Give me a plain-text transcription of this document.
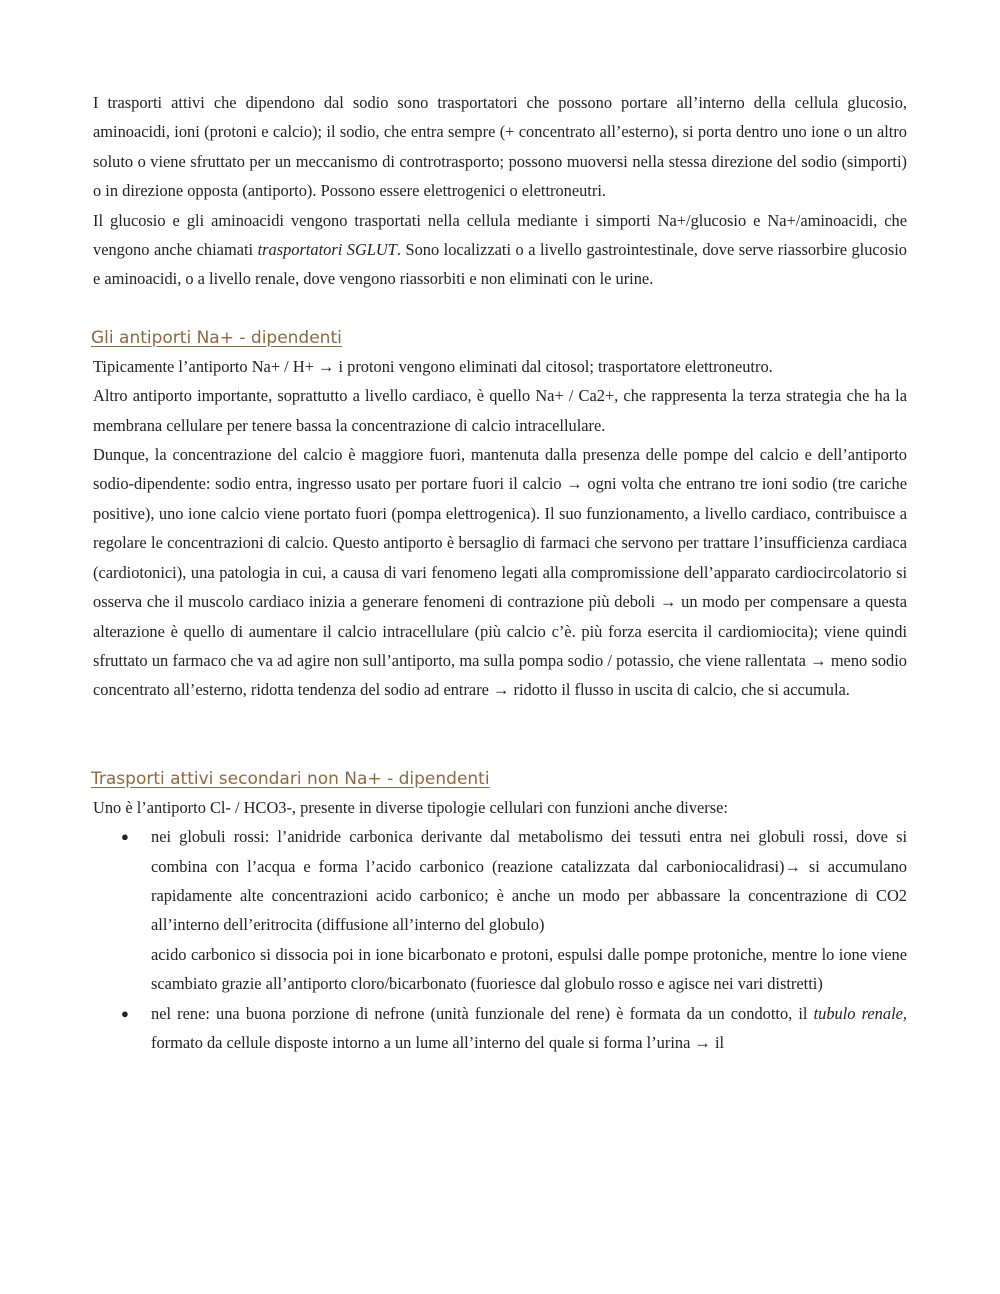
I trasporti attivi che dipendono dal sodio sono trasportatori che possono portare all’interno della cellula glucosio, aminoacidi, ioni (protoni e calcio); il sodio, che entra sempre (+ concentrato all’esterno), si porta dentro uno ione o un altro soluto o viene sfruttato per un meccanismo di controtrasporto; possono muoversi nella stessa direzione del sodio (simporti) o in direzione opposta (antiporto). Possono essere elettrogenici o elettroneutri.

Il glucosio e gli aminoacidi vengono trasportati nella cellula mediante i simporti Na+/glucosio e Na+/aminoacidi, che vengono anche chiamati trasportatori SGLUT. Sono localizzati o a livello gastrointestinale, dove serve riassorbire glucosio e aminoacidi, o a livello renale, dove vengono riassorbiti e non eliminati con le urine.

Gli antiporti Na+ - dipendenti

Tipicamente l’antiporto Na+ / H+ → i protoni vengono eliminati dal citosol; trasportatore elettroneutro.

Altro antiporto importante, soprattutto a livello cardiaco, è quello Na+ / Ca2+, che rappresenta la terza strategia che ha la membrana cellulare per tenere bassa la concentrazione di calcio intracellulare.

Dunque, la concentrazione del calcio è maggiore fuori, mantenuta dalla presenza delle pompe del calcio e dell’antiporto sodio-dipendente: sodio entra, ingresso usato per portare fuori il calcio → ogni volta che entrano tre ioni sodio (tre cariche positive), uno ione calcio viene portato fuori (pompa elettrogenica). Il suo funzionamento, a livello cardiaco, contribuisce a regolare le concentrazioni di calcio. Questo antiporto è bersaglio di farmaci che servono per trattare l’insufficienza cardiaca (cardiotonici), una patologia in cui, a causa di vari fenomeno legati alla compromissione dell’apparato cardiocircolatorio si osserva che il muscolo cardiaco inizia a generare fenomeni di contrazione più deboli → un modo per compensare a questa alterazione è quello di aumentare il calcio intracellulare (più calcio c’è. più forza esercita il cardiomiocita); viene quindi sfruttato un farmaco che va ad agire non sull’antiporto, ma sulla pompa sodio / potassio, che viene rallentata → meno sodio concentrato all’esterno, ridotta tendenza del sodio ad entrare → ridotto il flusso in uscita di calcio, che si accumula.

Trasporti attivi secondari non Na+ - dipendenti

Uno è l’antiporto Cl- / HCO3-, presente in diverse tipologie cellulari con funzioni anche diverse:

● nei globuli rossi: l’anidride carbonica derivante dal metabolismo dei tessuti entra nei globuli rossi, dove si combina con l’acqua e forma l’acido carbonico (reazione catalizzata dal carboniocalidrasi)→ si accumulano rapidamente alte concentrazioni acido carbonico; è anche un modo per abbassare la concentrazione di CO2 all’interno dell’eritrocita (diffusione all’interno del globulo)
acido carbonico si dissocia poi in ione bicarbonato e protoni, espulsi dalle pompe protoniche, mentre lo ione viene scambiato grazie all’antiporto cloro/bicarbonato (fuoriesce dal globulo rosso e agisce nei vari distretti)
● nel rene: una buona porzione di nefrone (unità funzionale del rene) è formata da un condotto, il tubulo renale, formato da cellule disposte intorno a un lume all’interno del quale si forma l’urina → il
